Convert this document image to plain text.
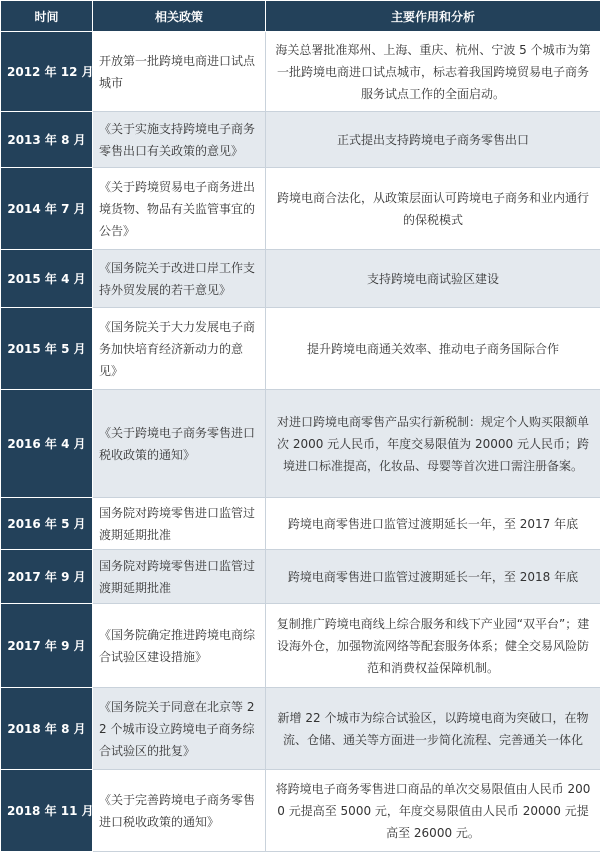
时间	相关政策	主要作用和分析
2012 年 12 月	开放第一批跨境电商进口试点城市	海关总署批准郑州、上海、重庆、杭州、宁波 5 个城市为第一批跨境电商进口试点城市，标志着我国跨境贸易电子商务服务试点工作的全面启动。
2013 年 8 月	《关于实施支持跨境电子商务零售出口有关政策的意见》	正式提出支持跨境电子商务零售出口
2014 年 7 月	《关于跨境贸易电子商务进出境货物、物品有关监管事宜的公告》	跨境电商合法化，从政策层面认可跨境电子商务和业内通行的保税模式
2015 年 4 月	《国务院关于改进口岸工作支持外贸发展的若干意见》	支持跨境电商试验区建设
2015 年 5 月	《国务院关于大力发展电子商务加快培育经济新动力的意见》	提升跨境电商通关效率、推动电子商务国际合作
2016 年 4 月	《关于跨境电子商务零售进口税收政策的通知》	对进口跨境电商零售产品实行新税制：规定个人购买限额单次 2000 元人民币，年度交易限值为 20000 元人民币；跨境进口标准提高，化妆品、母婴等首次进口需注册备案。
2016 年 5 月	国务院对跨境零售进口监管过渡期延期批准	跨境电商零售进口监管过渡期延长一年，至 2017 年底
2017 年 9 月	国务院对跨境零售进口监管过渡期延期批准	跨境电商零售进口监管过渡期延长一年，至 2018 年底
2017 年 9 月	《国务院确定推进跨境电商综合试验区建设措施》	复制推广跨境电商线上综合服务和线下产业园“双平台”；建设海外仓，加强物流网络等配套服务体系；健全交易风险防范和消费权益保障机制。
2018 年 8 月	《国务院关于同意在北京等 22 个城市设立跨境电子商务综合试验区的批复》	新增 22 个城市为综合试验区，以跨境电商为突破口，在物流、仓储、通关等方面进一步简化流程、完善通关一体化
2018 年 11 月	《关于完善跨境电子商务零售进口税收政策的通知》	将跨境电子商务零售进口商品的单次交易限值由人民币 2000 元提高至 5000 元，年度交易限值由人民币 20000 元提高至 26000 元。
